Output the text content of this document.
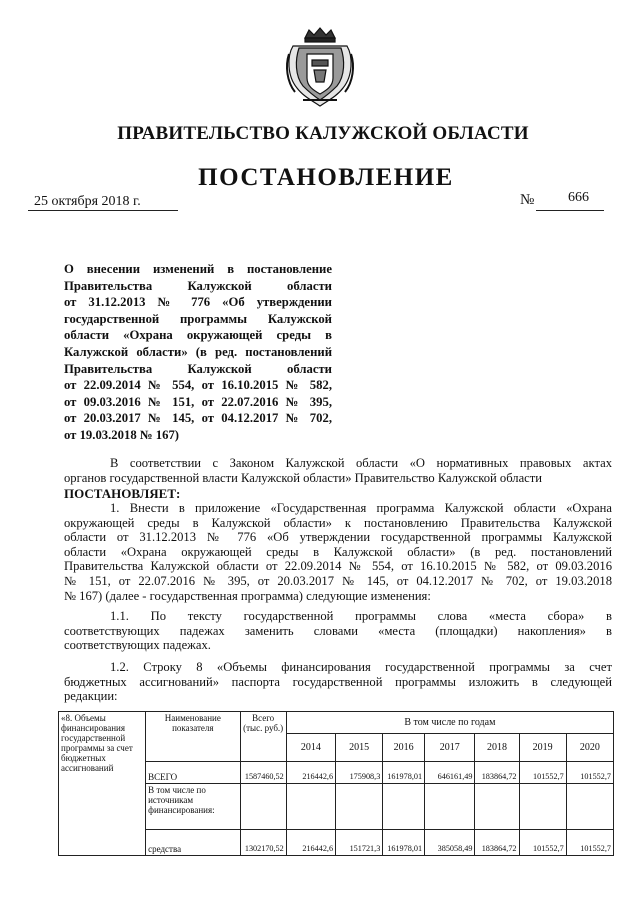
ПРАВИТЕЛЬСТВО КАЛУЖСКОЙ ОБЛАСТИ
ПОСТАНОВЛЕНИЕ
25 октября 2018 г.	№ 666
О внесении изменений в постановление
Правительства Калужской области
от 31.12.2013 № 776 «Об утверждении
государственной программы Калужской
области «Охрана окружающей среды в
Калужской области» (в ред. постановлений
Правительства Калужской области
от 22.09.2014 № 554, от 16.10.2015 № 582,
от 09.03.2016 № 151, от 22.07.2016 № 395,
от 20.03.2017 № 145, от 04.12.2017 № 702,
от 19.03.2018 № 167)
В соответствии с Законом Калужской области «О нормативных правовых актах
органов государственной власти Калужской области» Правительство Калужской области
ПОСТАНОВЛЯЕТ:
1. Внести в приложение «Государственная программа Калужской области «Охрана
окружающей среды в Калужской области» к постановлению Правительства Калужской
области от 31.12.2013 № 776 «Об утверждении государственной программы Калужской
области «Охрана окружающей среды в Калужской области» (в ред. постановлений
Правительства Калужской области от 22.09.2014 № 554, от 16.10.2015 № 582, от 09.03.2016
№ 151, от 22.07.2016 № 395, от 20.03.2017 № 145, от 04.12.2017 № 702, от 19.03.2018
№ 167) (далее - государственная программа) следующие изменения:
1.1. По тексту государственной программы слова «места сбора» в
соответствующих падежах заменить словами «места (площадки) накопления» в
соответствующих падежах.
1.2. Строку 8 «Объемы финансирования государственной программы за счет
бюджетных ассигнований» паспорта государственной программы изложить в следующей
редакции:
«8. Объемы финансирования государственной программы за счет бюджетных ассигнований	Наименование показателя	Всего (тыс. руб.)	В том числе по годам						
			2014	2015	2016	2017	2018	2019	2020
	ВСЕГО	1587460,52	216442,6	175908,3	161978,01	646161,49	183864,72	101552,7	101552,7
	В том числе по источникам финансирования:								
	средства	1302170,52	216442,6	151721,3	161978,01	385058,49	183864,72	101552,7	101552,7
